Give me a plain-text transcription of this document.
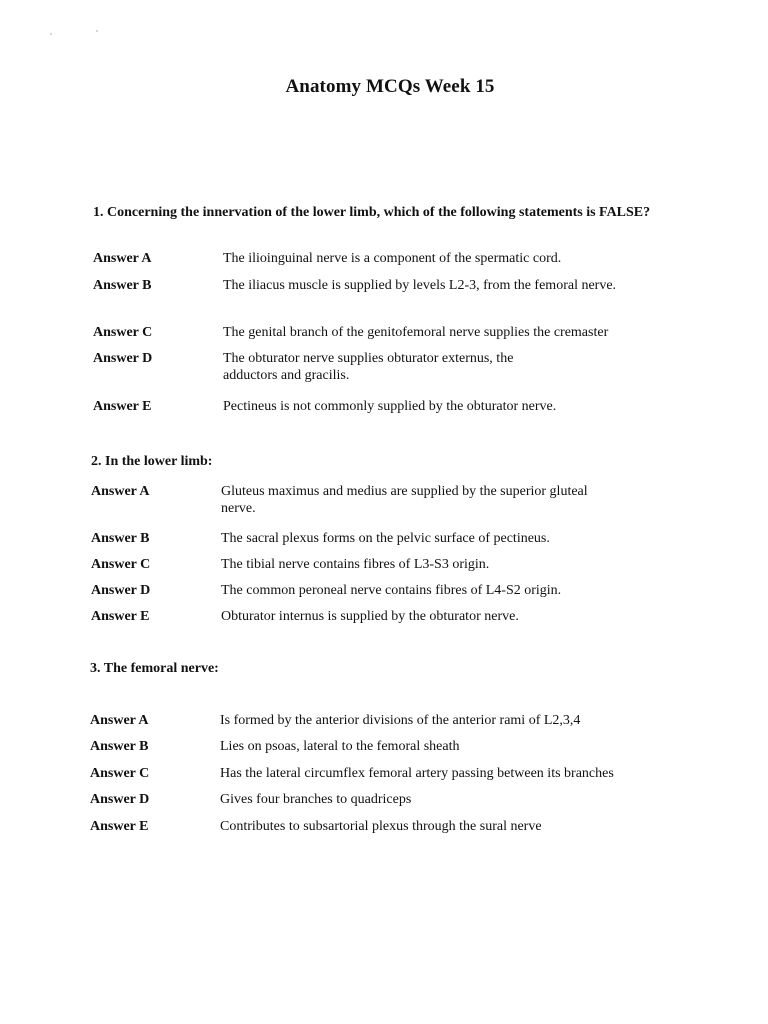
Anatomy MCQs Week 15
1. Concerning the innervation of the lower limb, which of the following statements is FALSE?
Answer A	The ilioinguinal nerve is a component of the spermatic cord.
Answer B	The iliacus muscle is supplied by levels L2-3, from the femoral nerve.
Answer C	The genital branch of the genitofemoral nerve supplies the cremaster
Answer D	The obturator nerve supplies obturator externus, the adductors and gracilis.
Answer E	Pectineus is not commonly supplied by the obturator nerve.
2. In the lower limb:
Answer A	Gluteus maximus and medius are supplied by the superior gluteal nerve.
Answer B	The sacral plexus forms on the pelvic surface of pectineus.
Answer C	The tibial nerve contains fibres of L3-S3 origin.
Answer D	The common peroneal nerve contains fibres of L4-S2 origin.
Answer E	Obturator internus is supplied by the obturator nerve.
3. The femoral nerve:
Answer A	Is formed by the anterior divisions of the anterior rami of L2,3,4
Answer B	Lies on psoas, lateral to the femoral sheath
Answer C	Has the lateral circumflex femoral artery passing between its branches
Answer D	Gives four branches to quadriceps
Answer E	Contributes to subsartorial plexus through the sural nerve
